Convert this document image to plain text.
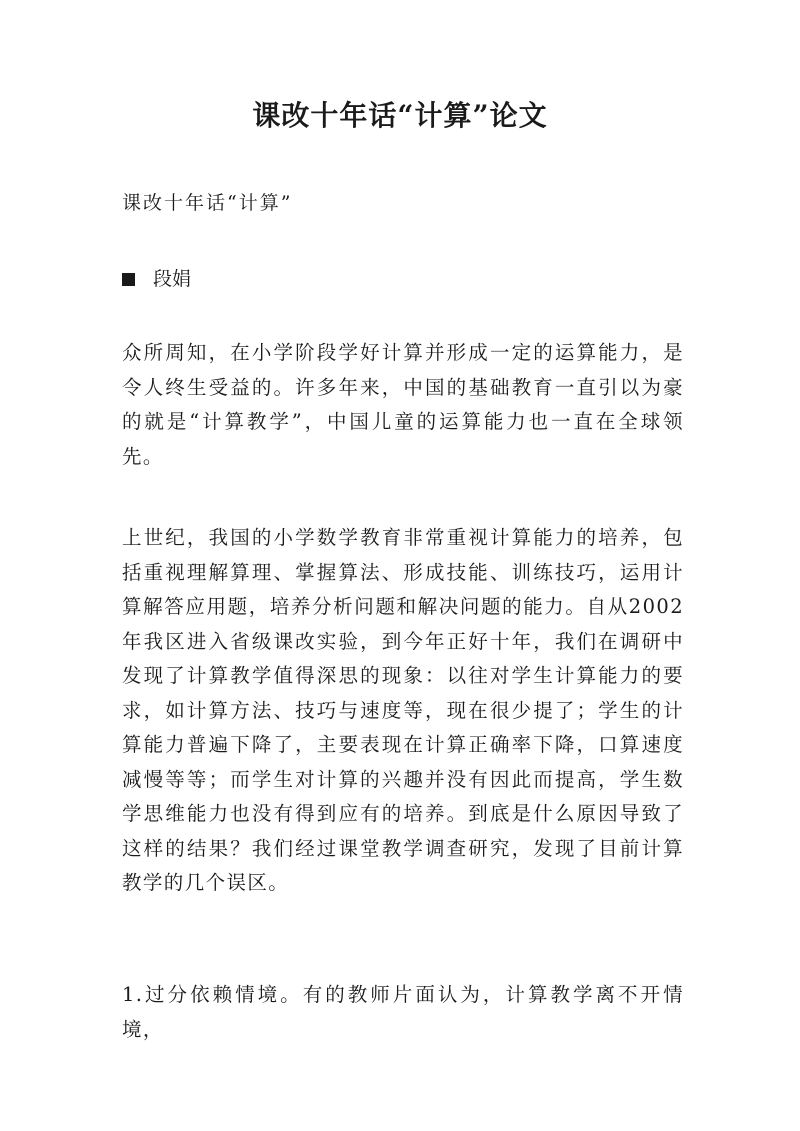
课改十年话“计算”论文
课改十年话“计算”
段娟

众所周知，在小学阶段学好计算并形成一定的运算能力，是令人终生受益的。许多年来，中国的基础教育一直引以为豪的就是“计算教学”，中国儿童的运算能力也一直在全球领先。

上世纪，我国的小学数学教育非常重视计算能力的培养，包括重视理解算理、掌握算法、形成技能、训练技巧，运用计算解答应用题，培养分析问题和解决问题的能力。自从2002年我区进入省级课改实验，到今年正好十年，我们在调研中发现了计算教学值得深思的现象：以往对学生计算能力的要求，如计算方法、技巧与速度等，现在很少提了；学生的计算能力普遍下降了，主要表现在计算正确率下降，口算速度减慢等等；而学生对计算的兴趣并没有因此而提高，学生数学思维能力也没有得到应有的培养。到底是什么原因导致了这样的结果？我们经过课堂教学调查研究，发现了目前计算教学的几个误区。

1.过分依赖情境。有的教师片面认为，计算教学离不开情境，
